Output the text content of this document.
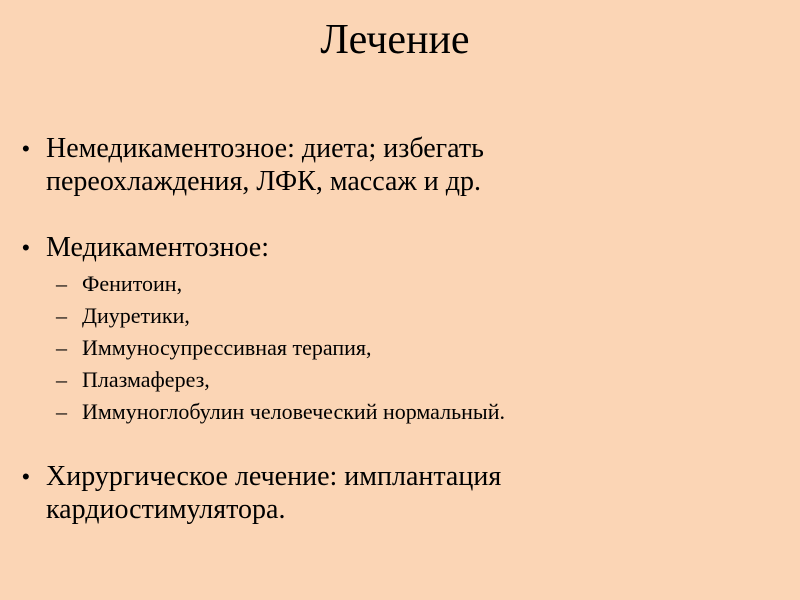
Лечение
• Немедикаментозное: диета; избегать
переохлаждения, ЛФК, массаж и др.
• Медикаментозное:
– Фенитоин,
– Диуретики,
– Иммуносупрессивная терапия,
– Плазмаферез,
– Иммуноглобулин человеческий нормальный.
• Хирургическое лечение: имплантация
кардиостимулятора.
